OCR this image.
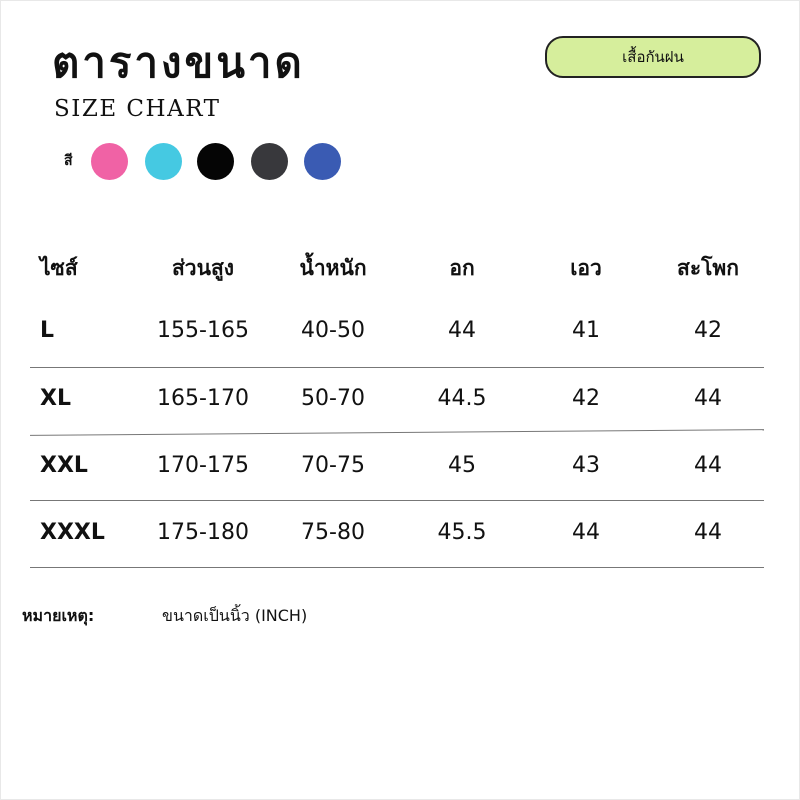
ตารางขนาด
SIZE CHART
เสื้อกันฝน
สี
ไซส์	ส่วนสูง	น้ำหนัก	อก	เอว	สะโพก
L	155-165 40-50	44	41	42
XL	165-170 50-70	44.5	42	44
XXL	170-175 70-75	45	43	44
XXXL 175-180 75-80	45.5	44	44
หมายเหตุ:	ขนาดเป็นนิ้ว (INCH)
